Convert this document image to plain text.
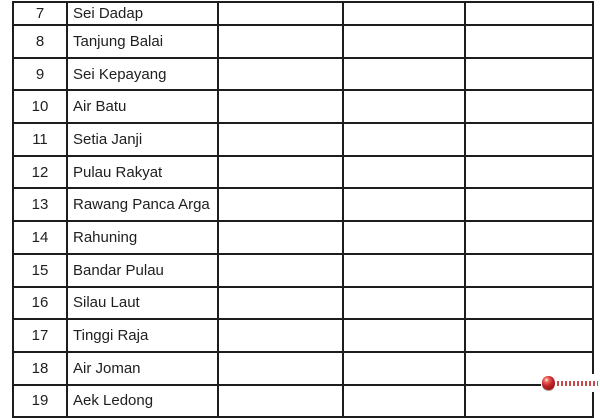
7	Sei Dadap
8	Tanjung Balai
9	Sei Kepayang
10	Air Batu
11	Setia Janji
12	Pulau Rakyat
13	Rawang Panca Arga
14	Rahuning
15	Bandar Pulau
16	Silau Laut
17	Tinggi Raja
18	Air Joman
19	Aek Ledong
